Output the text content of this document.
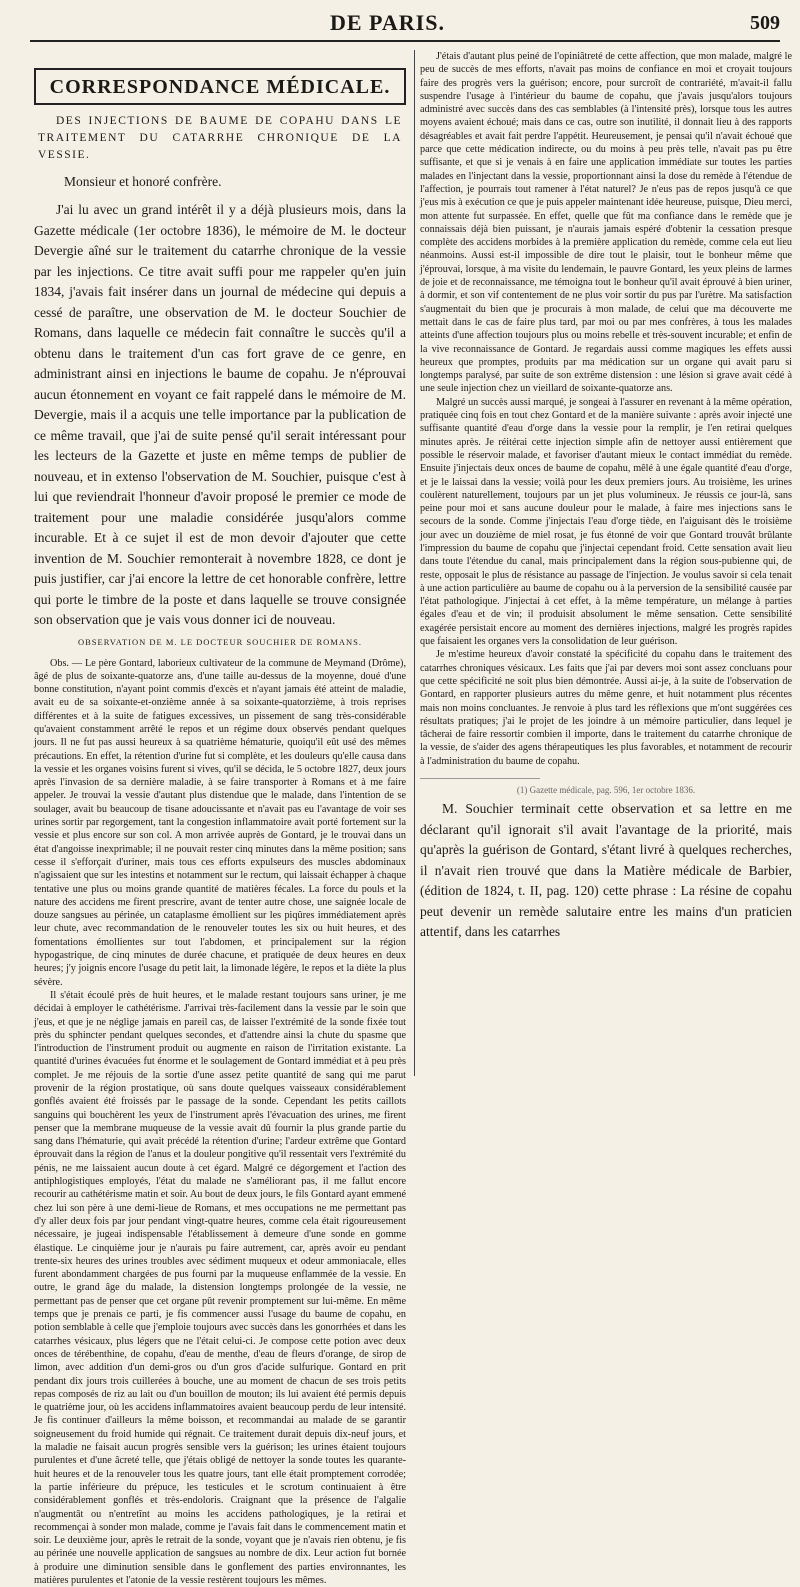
DE PARIS.	509
CORRESPONDANCE MÉDICALE.

DES INJECTIONS DE BAUME DE COPAHU DANS LE TRAITEMENT DU CATARRHE CHRONIQUE DE LA VESSIE.

Monsieur et honoré confrère.

J'ai lu avec un grand intérêt il y a déjà plusieurs mois, dans la Gazette médicale (1er octobre 1836), le mémoire de M. le docteur Devergie aîné sur le traitement du catarrhe chronique de la vessie par les injections. Ce titre avait suffi pour me rappeler qu'en juin 1834, j'avais fait insérer dans un journal de médecine qui depuis a cessé de paraître, une observation de M. le docteur Souchier de Romans, dans laquelle ce médecin fait connaître le succès qu'il a obtenu dans le traitement d'un cas fort grave de ce genre, en administrant ainsi en injections le baume de copahu. Je n'éprouvai aucun étonnement en voyant ce fait rappelé dans le mémoire de M. Devergie, mais il a acquis une telle importance par la publication de ce même travail, que j'ai de suite pensé qu'il serait intéressant pour les lecteurs de la Gazette et juste en même temps de publier de nouveau, et in extenso l'observation de M. Souchier, puisque c'est à lui que reviendrait l'honneur d'avoir proposé le premier ce mode de traitement pour une maladie considérée jusqu'alors comme incurable. Et à ce sujet il est de mon devoir d'ajouter que cette invention de M. Souchier remonterait à novembre 1828, ce dont je puis justifier, car j'ai encore la lettre de cet honorable confrère, lettre qui porte le timbre de la poste et dans laquelle se trouve consignée son observation que je vais vous donner ici de nouveau.

OBSERVATION DE M. LE DOCTEUR SOUCHIER DE ROMANS.

Obs. — Le père Gontard, laborieux cultivateur de la commune de Meymand (Drôme), âgé de plus de soixante-quatorze ans, d'une taille au-dessus de la moyenne, doué d'une bonne constitution, n'ayant point commis d'excès et n'ayant jamais été atteint de maladie, avait eu de sa soixante-et-onzième année à sa soixante-quatorzième, à trois reprises différentes et à la suite de fatigues excessives, un pissement de sang très-considérable qu'avaient constamment arrêté le repos et un régime doux observés pendant quelques jours. Il ne fut pas aussi heureux à sa quatrième hématurie, quoiqu'il eût usé des mêmes précautions. En effet, la rétention d'urine fut si complète, et les douleurs qu'elle causa dans la vessie et les organes voisins furent si vives, qu'il se décida, le 5 octobre 1827, deux jours après l'invasion de sa dernière maladie, à se faire transporter à Romans et à me faire appeler. Je trouvai la vessie d'autant plus distendue que le malade, dans l'intention de se soulager, avait bu beaucoup de tisane adoucissante et n'avait pas eu l'avantage de voir ses urines sortir par regorgement, tant la congestion inflammatoire avait porté fortement sur la vessie et plus encore sur son col. A mon arrivée auprès de Gontard, je le trouvai dans un état d'angoisse inexprimable; il ne pouvait rester cinq minutes dans la même position; sans cesse il s'efforçait d'uriner, mais tous ces efforts expulseurs des muscles abdominaux n'agissaient que sur les intestins et notamment sur le rectum, qui laissait échapper à chaque tentative une plus ou moins grande quantité de matières fécales. La force du pouls et la nature des accidens me firent prescrire, avant de tenter autre chose, une saignée locale de douze sangsues au périnée, un cataplasme émollient sur les piqûres immédiatement après leur chute, avec recommandation de le renouveler toutes les six ou huit heures, et des fomentations émollientes sur tout l'abdomen, et principalement sur la région hypogastrique, de cinq minutes de durée chacune, et pratiquée de deux heures en deux heures; j'y joignis encore l'usage du petit lait, la limonade légère, le repos et la diète la plus sévère.

Il s'était écoulé près de huit heures, et le malade restant toujours sans uriner, je me décidai à employer le cathétérisme. J'arrivai très-facilement dans la vessie par le soin que j'eus, et que je ne néglige jamais en pareil cas, de laisser l'extrémité de la sonde fixée tout près du sphincter pendant quelques secondes, et d'attendre ainsi la chute du spasme que l'introduction de l'instrument produit ou augmente en raison de l'irritation existante. La quantité d'urines évacuées fut énorme et le soulagement de Gontard immédiat et à peu près complet. Je me réjouis de la sortie d'une assez petite quantité de sang qui me parut provenir de la région prostatique, où sans doute quelques vaisseaux considérablement gonflés avaient été froissés par le passage de la sonde. Cependant les petits caillots sanguins qui bouchèrent les yeux de l'instrument après l'évacuation des urines, me firent penser que la membrane muqueuse de la vessie avait dû fournir la plus grande partie du sang dans l'hématurie, qui avait précédé la rétention d'urine; l'ardeur extrême que Gontard éprouvait dans la région de l'anus et la douleur pongitive qu'il ressentait vers l'extrémité du pénis, ne me laissaient aucun doute à cet égard. Malgré ce dégorgement et l'action des antiphlogistiques employés, l'état du malade ne s'améliorant pas, il me fallut encore recourir au cathétérisme matin et soir. Au bout de deux jours, le fils Gontard ayant emmené chez lui son père à une demi-lieue de Romans, et mes occupations ne me permettant pas d'y aller deux fois par jour pendant vingt-quatre heures, comme cela était rigoureusement nécessaire, je jugeai indispensable l'établissement à demeure d'une sonde en gomme élastique. Le cinquième jour je n'aurais pu faire autrement, car, après avoir eu pendant trente-six heures des urines troubles avec sédiment muqueux et odeur ammoniacale, elles furent abondamment chargées de pus fourni par la muqueuse enflammée de la vessie. En outre, le grand âge du malade, la distension longtemps prolongée de la vessie, ne permettant pas de penser que cet organe pût revenir promptement sur lui-même. En même temps que je prenais ce parti, je fis commencer aussi l'usage du baume de copahu, en potion semblable à celle que j'emploie toujours avec succès dans les gonorrhées et dans les catarrhes vésicaux, plus légers que ne l'était celui-ci. Je compose cette potion avec deux onces de térébenthine, de copahu, d'eau de menthe, d'eau de fleurs d'orange, de sirop de limon, avec addition d'un demi-gros ou d'un gros d'acide sulfurique. Gontard en prit pendant dix jours trois cuillerées à bouche, une au moment de chacun de ses trois petits repas composés de riz au lait ou d'un bouillon de mouton; ils lui avaient été permis depuis le quatrième jour, où les accidens inflammatoires avaient beaucoup perdu de leur intensité. Je fis continuer d'ailleurs la même boisson, et recommandai au malade de se garantir soigneusement du froid humide qui régnait. Ce traitement durait depuis dix-neuf jours, et la maladie ne faisait aucun progrès sensible vers la guérison; les urines étaient toujours purulentes et d'une âcreté telle, que j'étais obligé de nettoyer la sonde toutes les quarante-huit heures et de la renouveler tous les quatre jours, tant elle était promptement corrodée; la partie inférieure du prépuce, les testicules et le scrotum continuaient à être considérablement gonflés et très-endoloris. Craignant que la présence de l'algalie n'augmentât ou n'entretînt au moins les accidens pathologiques, je la retirai et recommençai à sonder mon malade, comme je l'avais fait dans le commencement matin et soir. Le deuxième jour, après le retrait de la sonde, voyant que je n'avais rien obtenu, je fis au périnée une nouvelle application de sangsues au nombre de dix. Leur action fut bornée à produire une diminution sensible dans le gonflement des parties environnantes, les matières purulentes et l'atonie de la vessie restèrent toujours les mêmes.

J'étais d'autant plus peiné de l'opiniâtreté de cette affection, que mon malade, malgré le peu de succès de mes efforts, n'avait pas moins de confiance en moi et croyait toujours faire des progrès vers la guérison; encore, pour surcroît de contrariété, m'avait-il fallu suspendre l'usage à l'intérieur du baume de copahu, que j'avais jusqu'alors toujours administré avec succès dans des cas semblables (à l'intensité près), lorsque tous les autres moyens avaient échoué; mais dans ce cas, outre son inutilité, il donnait lieu à des rapports désagréables et avait fait perdre l'appétit. Heureusement, je pensai qu'il n'avait échoué que parce que cette médication indirecte, ou du moins à peu près telle, n'avait pas pu être suffisante, et que si je venais à en faire une application immédiate sur toutes les parties malades en l'injectant dans la vessie, proportionnant ainsi la dose du remède à l'étendue de l'affection, je pourrais tout ramener à l'état naturel? Je n'eus pas de repos jusqu'à ce que j'eus mis à exécution ce que je puis appeler maintenant idée heureuse, puisque, Dieu merci, mon attente fut surpassée. En effet, quelle que fût ma confiance dans le remède que je connaissais déjà bien puissant, je n'aurais jamais espéré d'obtenir la cessation presque complète des accidens morbides à la première application du remède, comme cela eut lieu néanmoins. Aussi est-il impossible de dire tout le plaisir, tout le bonheur même que j'éprouvai, lorsque, à ma visite du lendemain, le pauvre Gontard, les yeux pleins de larmes de joie et de reconnaissance, me témoigna tout le bonheur qu'il avait éprouvé à bien uriner, à dormir, et son vif contentement de ne plus voir sortir du pus par l'urètre. Ma satisfaction s'augmentait du bien que je procurais à mon malade, de celui que ma découverte me mettait dans le cas de faire plus tard, par moi ou par mes confrères, à tous les malades atteints d'une affection toujours plus ou moins rebelle et très-souvent incurable; et enfin de la vive reconnaissance de Gontard. Je regardais aussi comme magiques les effets aussi heureux que promptes, produits par ma médication sur un organe qui avait paru si longtemps paralysé, par suite de son extrême distension : une lésion si grave avait cédé à une seule injection chez un vieillard de soixante-quatorze ans.

Malgré un succès aussi marqué, je songeai à l'assurer en revenant à la même opération, pratiquée cinq fois en tout chez Gontard et de la manière suivante : après avoir injecté une suffisante quantité d'eau d'orge dans la vessie pour la remplir, je l'en retirai quelques minutes après. Je réitérai cette injection simple afin de nettoyer aussi entièrement que possible le réservoir malade, et favoriser d'autant mieux le contact immédiat du remède. Ensuite j'injectais deux onces de baume de copahu, mêlé à une égale quantité d'eau d'orge, et je le laissai dans la vessie; voilà pour les deux premiers jours. Au troisième, les urines coulèrent naturellement, toujours par un jet plus volumineux. Je réussis ce jour-là, sans peine pour moi et sans aucune douleur pour le malade, à faire mes injections sans le secours de la sonde. Comme j'injectais l'eau d'orge tiède, en l'aiguisant dès le troisième jour avec un douzième de miel rosat, je fus étonné de voir que Gontard trouvât brûlante l'impression du baume de copahu que j'injectai cependant froid. Cette sensation avait lieu dans toute l'étendue du canal, mais principalement dans la région sous-pubienne qui, de reste, opposait le plus de résistance au passage de l'injection. Je voulus savoir si cela tenait à une action particulière au baume de copahu ou à la perversion de la sensibilité causée par l'état pathologique. J'injectai à cet effet, à la même température, un mélange à parties égales d'eau et de vin; il produisit absolument le même sensation. Cette sensibilité exagérée persistait encore au moment des dernières injections, malgré les progrès rapides que faisaient les organes vers la consolidation de leur guérison.

Je m'estime heureux d'avoir constaté la spécificité du copahu dans le traitement des catarrhes chroniques vésicaux. Les faits que j'ai par devers moi sont assez concluans pour que cette spécificité ne soit plus bien démontrée. Aussi ai-je, à la suite de l'observation de Gontard, en rapporter plusieurs autres du même genre, et huit notamment plus récentes mais non moins concluantes. Je renvoie à plus tard les réflexions que m'ont suggérées ces résultats pratiques; j'ai le projet de les joindre à un mémoire particulier, dans lequel je tâcherai de faire ressortir combien il importe, dans le traitement du catarrhe chronique de la vessie, de s'aider des agens thérapeutiques les plus favorables, et notamment de recourir à l'administration du baume de copahu.

(1) Gazette médicale, pag. 596, 1er octobre 1836.

M. Souchier terminait cette observation et sa lettre en me déclarant qu'il ignorait s'il avait l'avantage de la priorité, mais qu'après la guérison de Gontard, s'étant livré à quelques recherches, il n'avait rien trouvé que dans la Matière médicale de Barbier, (édition de 1824, t. II, pag. 120) cette phrase : La résine de copahu peut devenir un remède salutaire entre les mains d'un praticien attentif, dans les catarrhes
